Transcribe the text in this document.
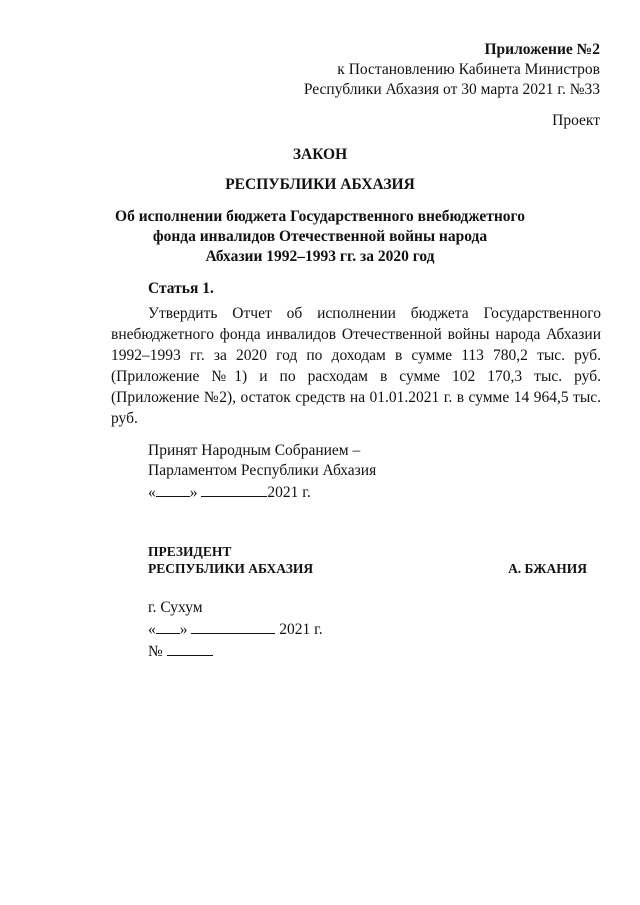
Приложение №2
к Постановлению Кабинета Министров
Республики Абхазия от 30 марта 2021 г. №33
Проект
ЗАКОН
РЕСПУБЛИКИ АБХАЗИЯ
Об исполнении бюджета Государственного внебюджетного
фонда инвалидов Отечественной войны народа
Абхазии 1992–1993 гг. за 2020 год
Статья 1.
Утвердить Отчет об исполнении бюджета Государственного внебюджетного фонда инвалидов Отечественной войны народа Абхазии 1992–1993 гг. за 2020 год по доходам в сумме 113 780,2 тыс. руб. (Приложение №1) и по расходам в сумме 102 170,3 тыс. руб. (Приложение №2), остаток средств на 01.01.2021 г. в сумме 14 964,5 тыс. руб.
Принят Народным Собранием –
Парламентом Республики Абхазия
« »	2021 г.
ПРЕЗИДЕНТ
РЕСПУБЛИКИ АБХАЗИЯ	А. БЖАНИЯ
г. Сухум
« »	2021 г.
№
